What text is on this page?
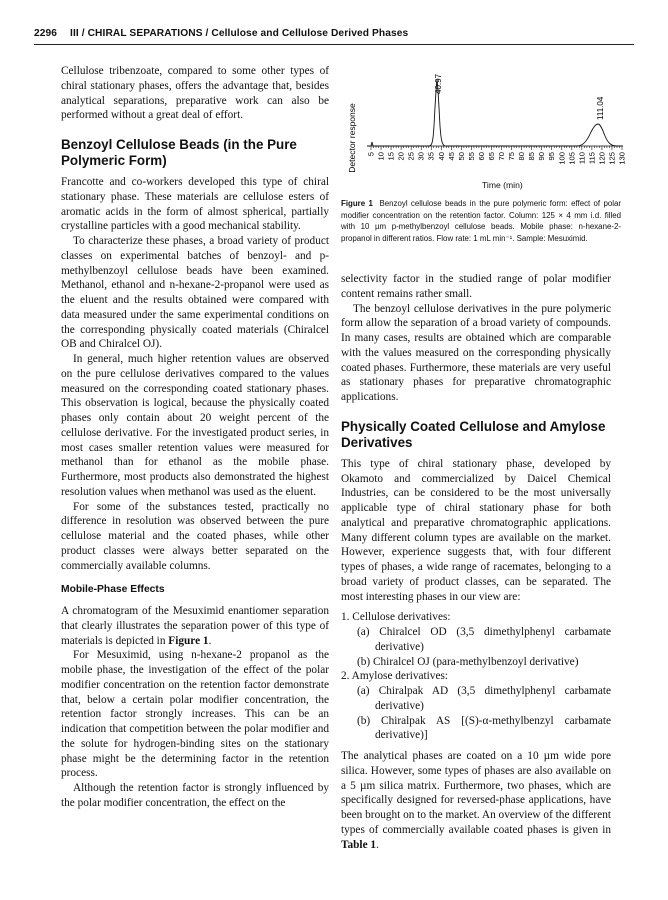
2296 III / CHIRAL SEPARATIONS / Cellulose and Cellulose Derived Phases

Cellulose tribenzoate, compared to some other types of chiral stationary phases, offers the advantage that, besides analytical separations, preparative work can also be performed without a great deal of effort.

Benzoyl Cellulose Beads (in the Pure Polymeric Form)

Francotte and co-workers developed this type of chiral stationary phase. These materials are cellulose esters of aromatic acids in the form of almost spherical, partially crystalline particles with a good mechanical stability.

To characterize these phases, a broad variety of product classes on experimental batches of benzoyl- and p-methylbenzoyl cellulose beads have been examined. Methanol, ethanol and n-hexane-2-propanol were used as the eluent and the results obtained were compared with data measured under the same experimental conditions on the corresponding physically coated materials (Chiralcel OB and Chiralcel OJ).

In general, much higher retention values are observed on the pure cellulose derivatives compared to the values measured on the corresponding coated stationary phases. This observation is logical, because the physically coated phases only contain about 20 weight percent of the cellulose derivative. For the investigated product series, in most cases smaller retention values were measured for methanol than for ethanol as the mobile phase. Furthermore, most products also demonstrated the highest resolution values when methanol was used as the eluent.

For some of the substances tested, practically no difference in resolution was observed between the pure cellulose material and the coated phases, while other product classes were always better separated on the commercially available columns.

Mobile-Phase Effects

A chromatogram of the Mesuximid enantiomer separation that clearly illustrates the separation power of this type of materials is depicted in Figure 1.

For Mesuximid, using n-hexane-2 propanol as the mobile phase, the investigation of the effect of the polar modifier concentration on the retention factor demonstrate that, below a certain polar modifier concentration, the retention factor strongly increases. This can be an indication that competition between the polar modifier and the solute for hydrogen-binding sites on the stationary phase might be the determining factor in the retention process.

Although the retention factor is strongly influenced by the polar modifier concentration, the effect on the

Detector response
40.97
111.04
5 10 15 20 25 30 35 40 45 50 55 60 65 70 75 80 85 90 95 100 105 110 115 120 125 130
Time (min)
Figure 1 Benzoyl cellulose beads in the pure polymeric form: effect of polar modifier concentration on the retention factor. Column: 125 × 4 mm i.d. filled with 10 µm p-methylbenzoyl cellulose beads. Mobile phase: n-hexane-2-propanol in different ratios. Flow rate: 1 mL min⁻¹. Sample: Mesuximid.

selectivity factor in the studied range of polar modifier content remains rather small.

The benzoyl cellulose derivatives in the pure polymeric form allow the separation of a broad variety of compounds. In many cases, results are obtained which are comparable with the values measured on the corresponding physically coated phases. Furthermore, these materials are very useful as stationary phases for preparative chromatographic applications.

Physically Coated Cellulose and Amylose Derivatives

This type of chiral stationary phase, developed by Okamoto and commercialized by Daicel Chemical Industries, can be considered to be the most universally applicable type of chiral stationary phase for both analytical and preparative chromatographic applications. Many different column types are available on the market. However, experience suggests that, with four different types of phases, a wide range of racemates, belonging to a broad variety of product classes, can be separated. The most interesting phases in our view are:

1. Cellulose derivatives:
(a) Chiralcel OD (3,5 dimethylphenyl carbamate derivative)
(b) Chiralcel OJ (para-methylbenzoyl derivative)
2. Amylose derivatives:
(a) Chiralpak AD (3,5 dimethylphenyl carbamate derivative)
(b) Chiralpak AS [(S)-α-methylbenzyl carbamate derivative)]

The analytical phases are coated on a 10 µm wide pore silica. However, some types of phases are also available on a 5 µm silica matrix. Furthermore, two phases, which are specifically designed for reversed-phase applications, have been brought on to the market. An overview of the different types of commercially available coated phases is given in Table 1.
